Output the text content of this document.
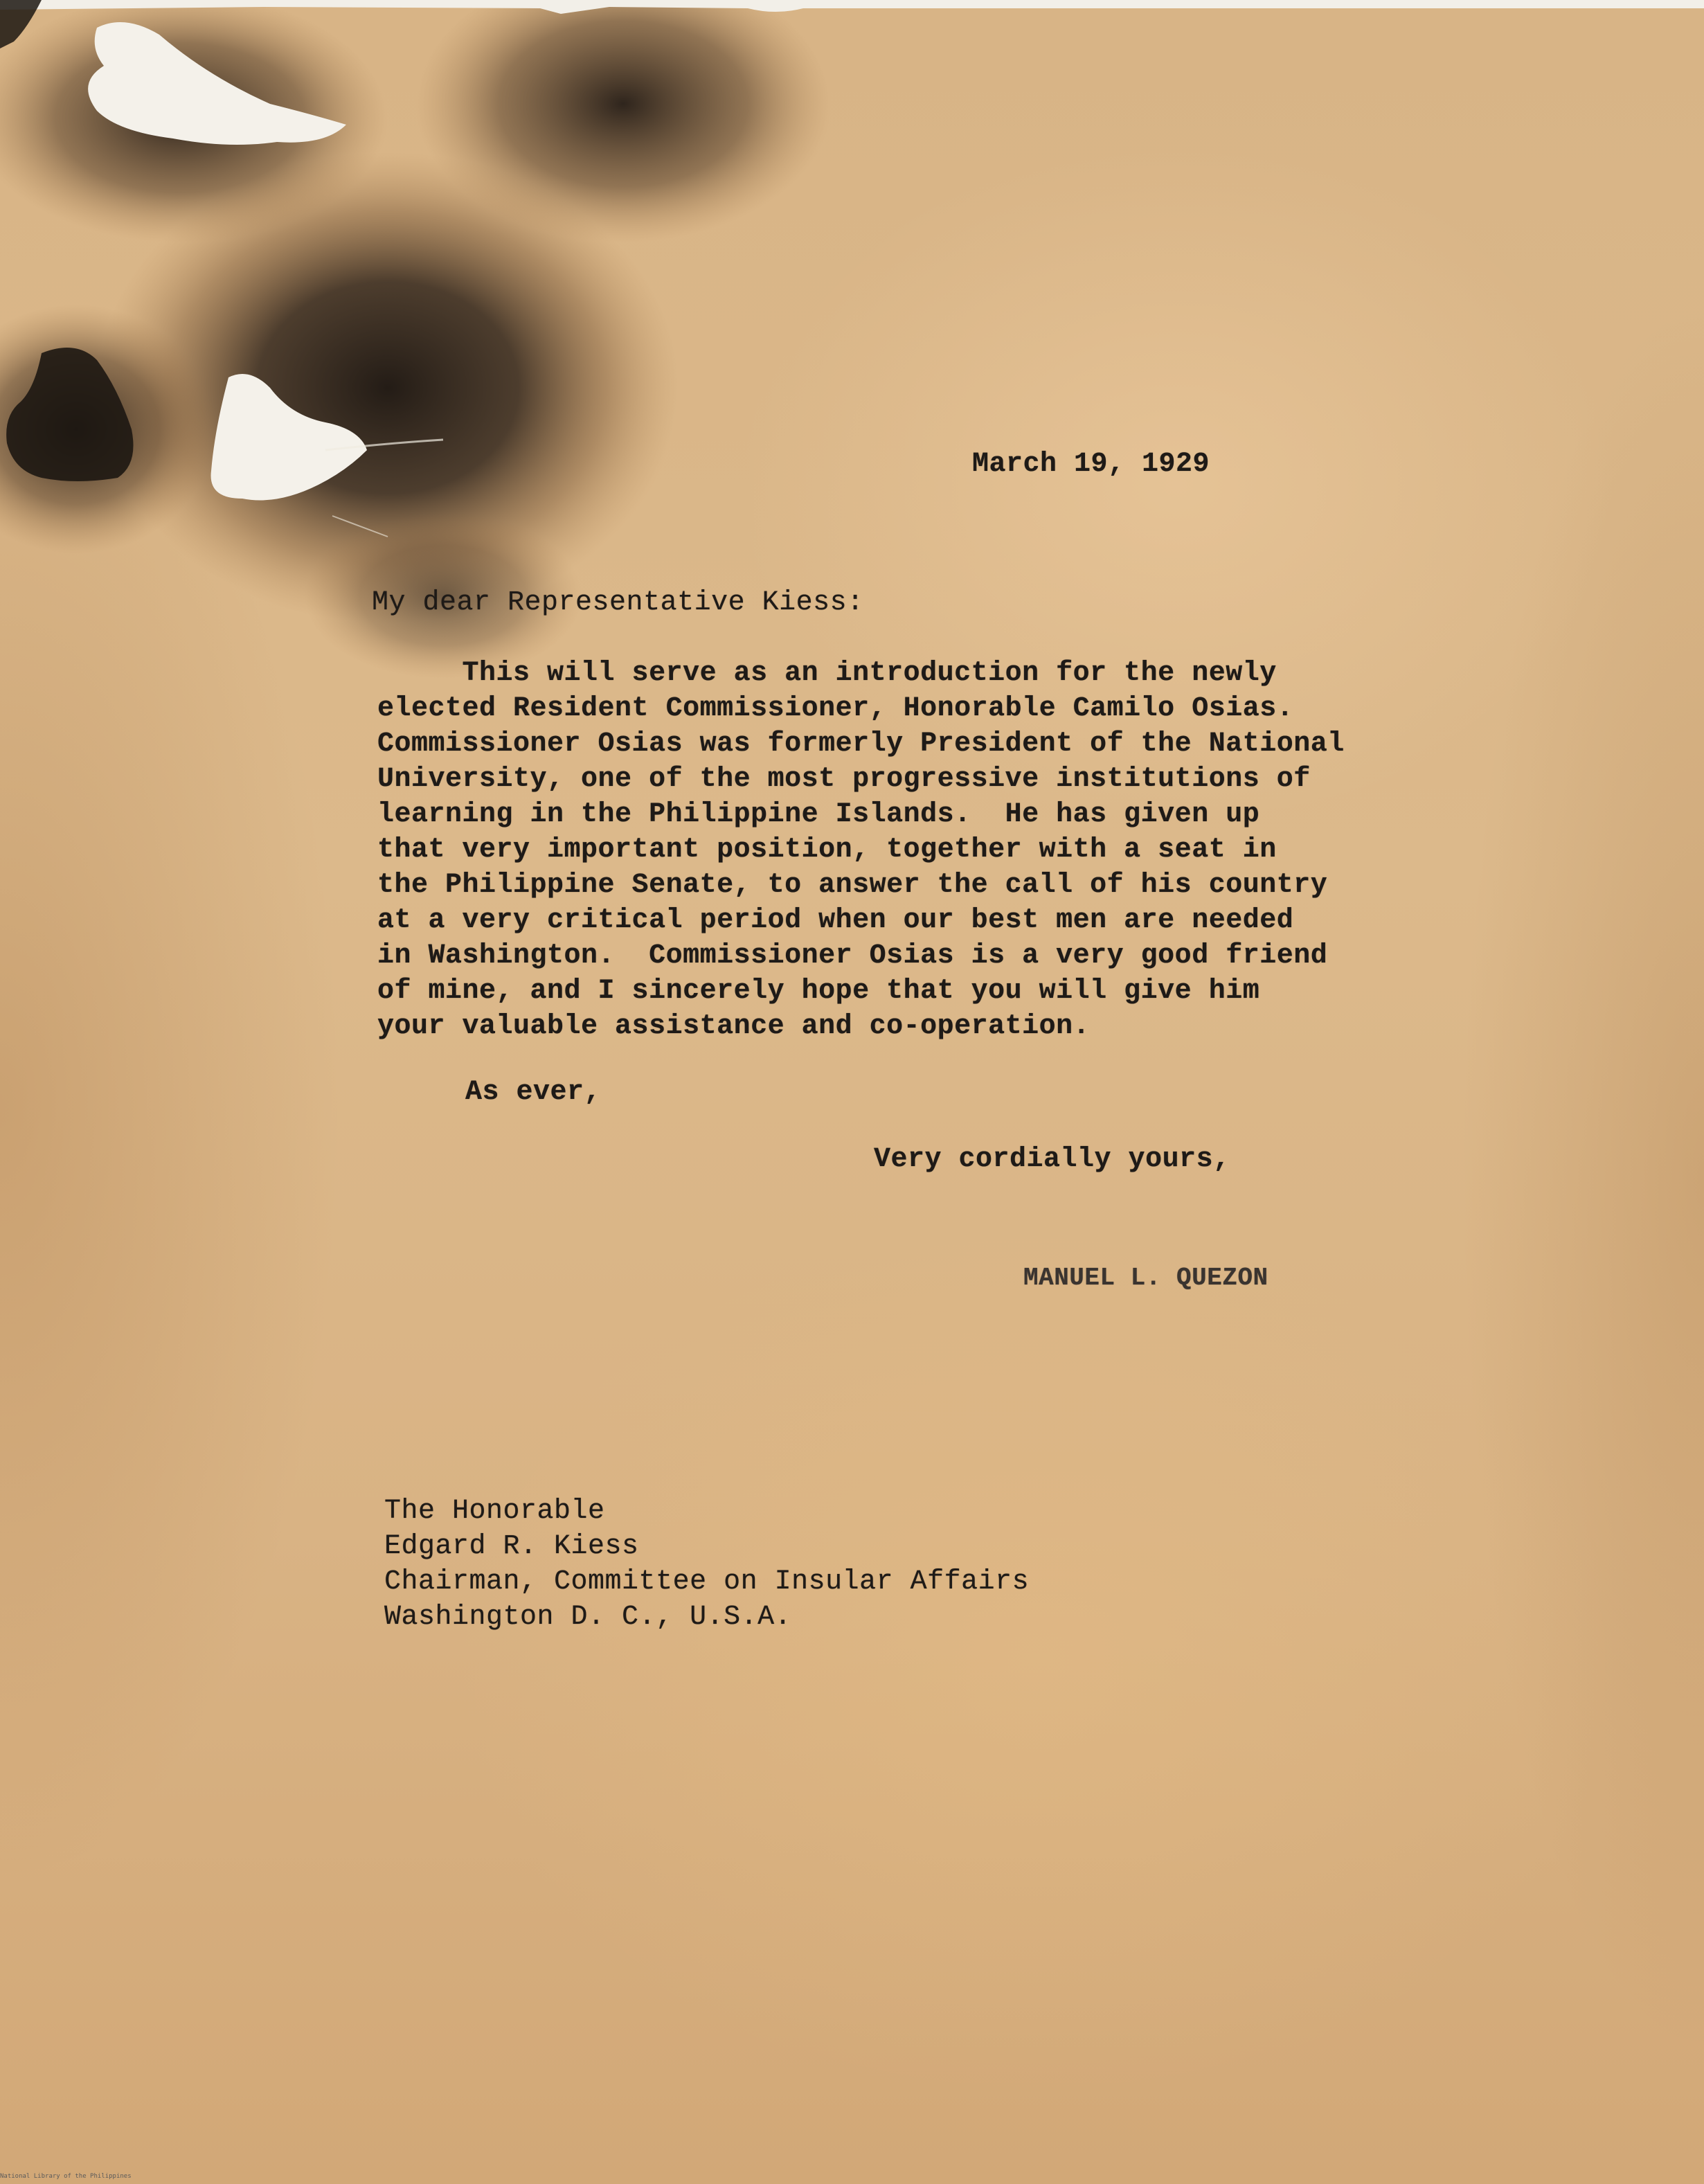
March 19, 1929
My dear Representative Kiess:
This will serve as an introduction for the newly
elected Resident Commissioner, Honorable Camilo Osias.
Commissioner Osias was formerly President of the National
University, one of the most progressive institutions of
learning in the Philippine Islands.  He has given up
that very important position, together with a seat in
the Philippine Senate, to answer the call of his country
at a very critical period when our best men are needed
in Washington.  Commissioner Osias is a very good friend
of mine, and I sincerely hope that you will give him
your valuable assistance and co-operation.
As ever,
Very cordially yours,
MANUEL L. QUEZON
The Honorable
Edgard R. Kiess
Chairman, Committee on Insular Affairs
Washington D. C., U.S.A.
National Library of the Philippines
